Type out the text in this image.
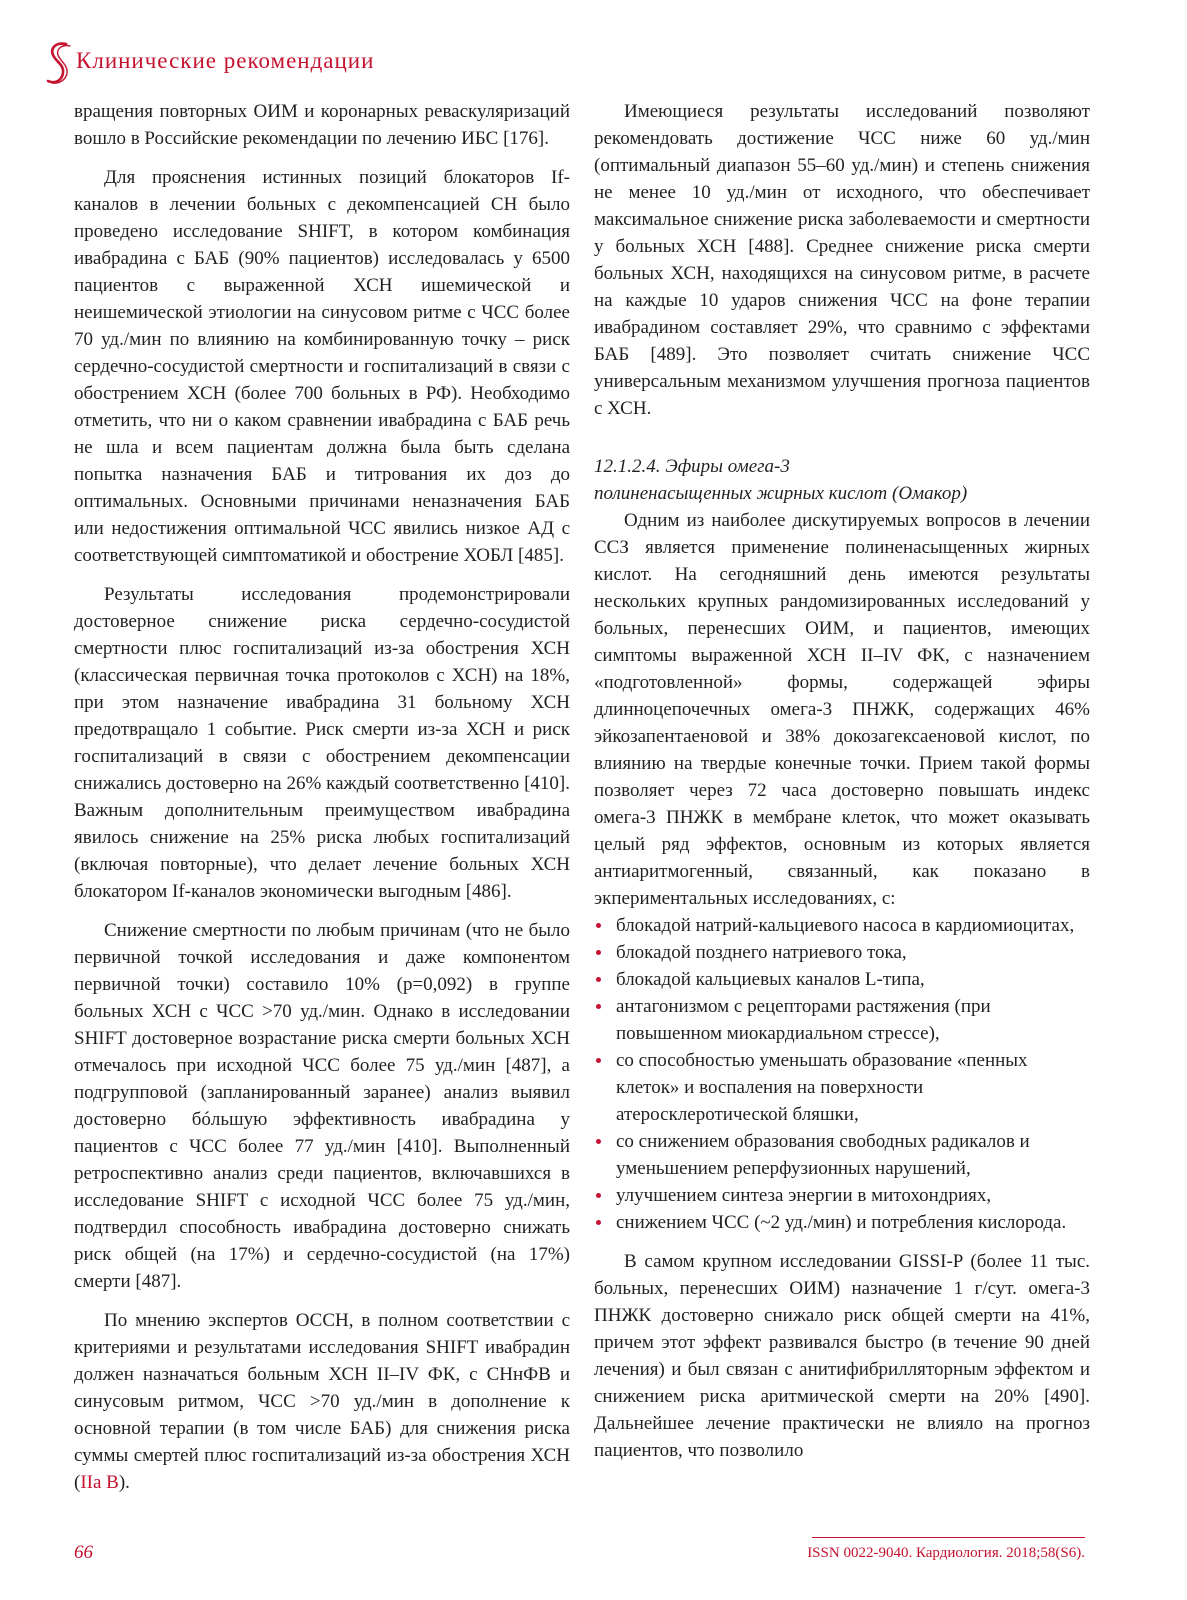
Клинические рекомендации

вращения повторных ОИМ и коронарных реваскуляризаций вошло в Российские рекомендации по лечению ИБС [176].

Для прояснения истинных позиций блокаторов If-каналов в лечении больных с декомпенсацией СН было проведено исследование SHIFT, в котором комбинация ивабрадина с БАБ (90% пациентов) исследовалась у 6500 пациентов с выраженной ХСН ишемической и неишемической этиологии на синусовом ритме с ЧСС более 70 уд./мин по влиянию на комбинированную точку – риск сердечно-сосудистой смертности и госпитализаций в связи с обострением ХСН (более 700 больных в РФ). Необходимо отметить, что ни о каком сравнении ивабрадина с БАБ речь не шла и всем пациентам должна была быть сделана попытка назначения БАБ и титрования их доз до оптимальных. Основными причинами неназначения БАБ или недостижения оптимальной ЧСС явились низкое АД с соответствующей симптоматикой и обострение ХОБЛ [485].

Результаты исследования продемонстрировали достоверное снижение риска сердечно-сосудистой смертности плюс госпитализаций из-за обострения ХСН (классическая первичная точка протоколов с ХСН) на 18%, при этом назначение ивабрадина 31 больному ХСН предотвращало 1 событие. Риск смерти из-за ХСН и риск госпитализаций в связи с обострением декомпенсации снижались достоверно на 26% каждый соответственно [410]. Важным дополнительным преимуществом ивабрадина явилось снижение на 25% риска любых госпитализаций (включая повторные), что делает лечение больных ХСН блокатором If-каналов экономически выгодным [486].

Снижение смертности по любым причинам (что не было первичной точкой исследования и даже компонентом первичной точки) составило 10% (p=0,092) в группе больных ХСН с ЧСС >70 уд./мин. Однако в исследовании SHIFT достоверное возрастание риска смерти больных ХСН отмечалось при исходной ЧСС более 75 уд./мин [487], а подгрупповой (запланированный заранее) анализ выявил достоверно бóльшую эффективность ивабрадина у пациентов с ЧСС более 77 уд./мин [410]. Выполненный ретроспективно анализ среди пациентов, включавшихся в исследование SHIFT с исходной ЧСС более 75 уд./мин, подтвердил способность ивабрадина достоверно снижать риск общей (на 17%) и сердечно-сосудистой (на 17%) смерти [487].

По мнению экспертов ОССН, в полном соответствии с критериями и результатами исследования SHIFT ивабрадин должен назначаться больным ХСН II–IV ФК, с СНнФВ и синусовым ритмом, ЧСС >70 уд./мин в дополнение к основной терапии (в том числе БАБ) для снижения риска суммы смертей плюс госпитализаций из-за обострения ХСН (IIa B).

Имеющиеся результаты исследований позволяют рекомендовать достижение ЧСС ниже 60 уд./мин (оптимальный диапазон 55–60 уд./мин) и степень снижения не менее 10 уд./мин от исходного, что обеспечивает максимальное снижение риска заболеваемости и смертности у больных ХСН [488]. Среднее снижение риска смерти больных ХСН, находящихся на синусовом ритме, в расчете на каждые 10 ударов снижения ЧСС на фоне терапии ивабрадином составляет 29%, что сравнимо с эффектами БАБ [489]. Это позволяет считать снижение ЧСС универсальным механизмом улучшения прогноза пациентов с ХСН.

12.1.2.4. Эфиры омега-3
полиненасыщенных жирных кислот (Омакор)

Одним из наиболее дискутируемых вопросов в лечении ССЗ является применение полиненасыщенных жирных кислот. На сегодняшний день имеются результаты нескольких крупных рандомизированных исследований у больных, перенесших ОИМ, и пациентов, имеющих симптомы выраженной ХСН II–IV ФК, с назначением «подготовленной» формы, содержащей эфиры длинноцепочечных омега-3 ПНЖК, содержащих 46% эйкозапентаеновой и 38% докозагексаеновой кислот, по влиянию на твердые конечные точки. Прием такой формы позволяет через 72 часа достоверно повышать индекс омега-3 ПНЖК в мембране клеток, что может оказывать целый ряд эффектов, основным из которых является антиаритмогенный, связанный, как показано в экпериментальных исследованиях, с:

блокадой натрий-кальциевого насоса в кардиомиоцитах,
блокадой позднего натриевого тока,
блокадой кальциевых каналов L-типа,
антагонизмом с рецепторами растяжения (при повышенном миокардиальном стрессе),
со способностью уменьшать образование «пенных клеток» и воспаления на поверхности атеросклеротической бляшки,
со снижением образования свободных радикалов и уменьшением реперфузионных нарушений,
улучшением синтеза энергии в митохондриях,
снижением ЧСС (~2 уд./мин) и потребления кислорода.

В самом крупном исследовании GISSI-P (более 11 тыс. больных, перенесших ОИМ) назначение 1 г/сут. омега-3 ПНЖК достоверно снижало риск общей смерти на 41%, причем этот эффект развивался быстро (в течение 90 дней лечения) и был связан с анитифибрилляторным эффектом и снижением риска аритмической смерти на 20% [490]. Дальнейшее лечение практически не влияло на прогноз пациентов, что позволило

66	ISSN 0022-9040. Кардиология. 2018;58(S6).
